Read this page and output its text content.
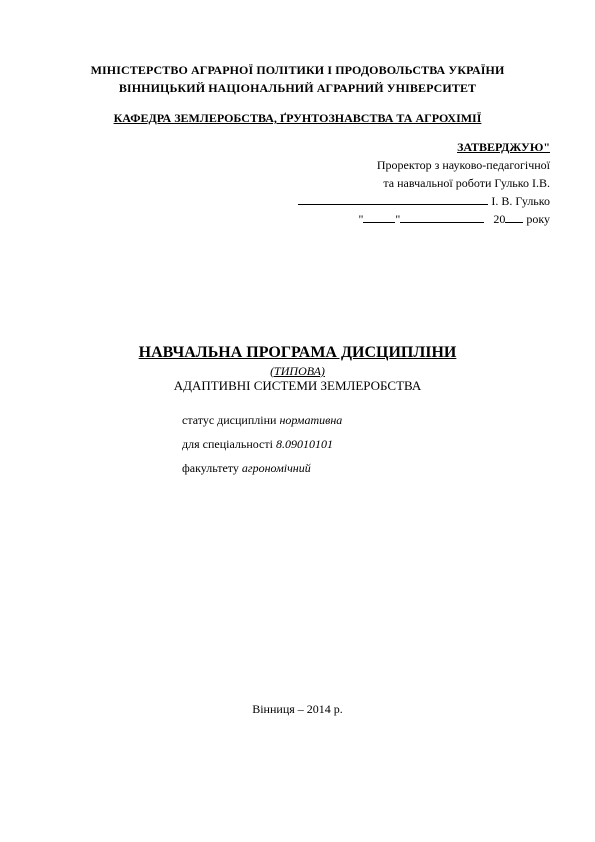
МІНІСТЕРСТВО АГРАРНОЇ ПОЛІТИКИ І ПРОДОВОЛЬСТВА УКРАЇНИ
ВІННИЦЬКИЙ НАЦІОНАЛЬНИЙ АГРАРНИЙ УНІВЕРСИТЕТ
КАФЕДРА ЗЕМЛЕРОБСТВА, ҐРУНТОЗНАВСТВА ТА АГРОХІМІЇ
ЗАТВЕРДЖУЮ"
Проректор з науково-педагогічної
та навчальної роботи Гулько І.В.
І. В. Гулько
"	"	20 року
НАВЧАЛЬНА ПРОГРАМА ДИСЦИПЛІНИ
(ТИПОВА)
АДАПТИВНІ СИСТЕМИ ЗЕМЛЕРОБСТВА
статус дисципліни нормативна
для спеціальності 8.09010101
факультету агрономічний
Вінниця – 2014 р.
